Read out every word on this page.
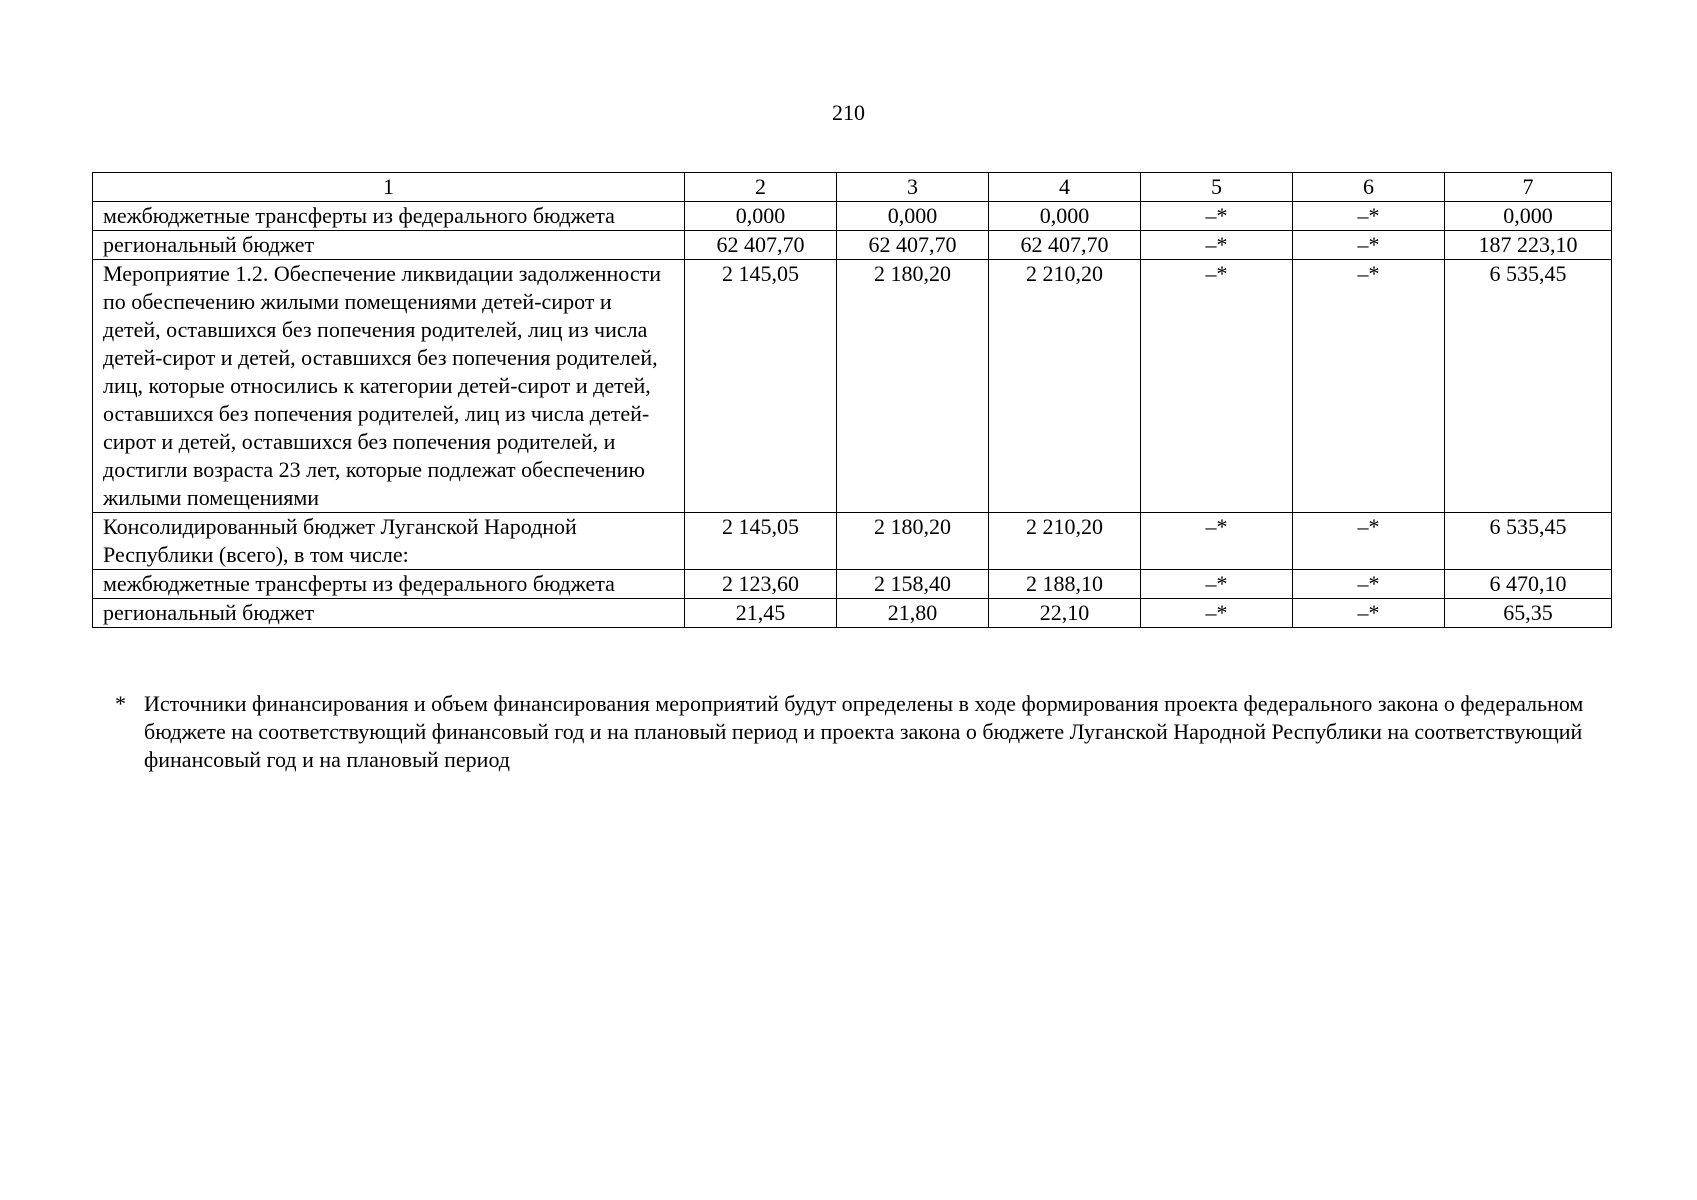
210
1	2	3	4	5	6	7
межбюджетные трансферты из федерального бюджета	0,000	0,000	0,000	–*	–*	0,000
региональный бюджет	62 407,70	62 407,70	62 407,70	–*	–*	187 223,10
Мероприятие 1.2. Обеспечение ликвидации задолженности по обеспечению жилыми помещениями детей-сирот и детей, оставшихся без попечения родителей, лиц из числа детей-сирот и детей, оставшихся без попечения родителей, лиц, которые относились к категории детей-сирот и детей, оставшихся без попечения родителей, лиц из числа детей-сирот и детей, оставшихся без попечения родителей, и достигли возраста 23 лет, которые подлежат обеспечению жилыми помещениями	2 145,05	2 180,20	2 210,20	–*	–*	6 535,45
Консолидированный бюджет Луганской Народной Республики (всего), в том числе:	2 145,05	2 180,20	2 210,20	–*	–*	6 535,45
межбюджетные трансферты из федерального бюджета	2 123,60	2 158,40	2 188,10	–*	–*	6 470,10
региональный бюджет	21,45	21,80	22,10	–*	–*	65,35
* Источники финансирования и объем финансирования мероприятий будут определены в ходе формирования проекта федерального закона о федеральном бюджете на соответствующий финансовый год и на плановый период и проекта закона о бюджете Луганской Народной Республики на соответствующий финансовый год и на плановый период
